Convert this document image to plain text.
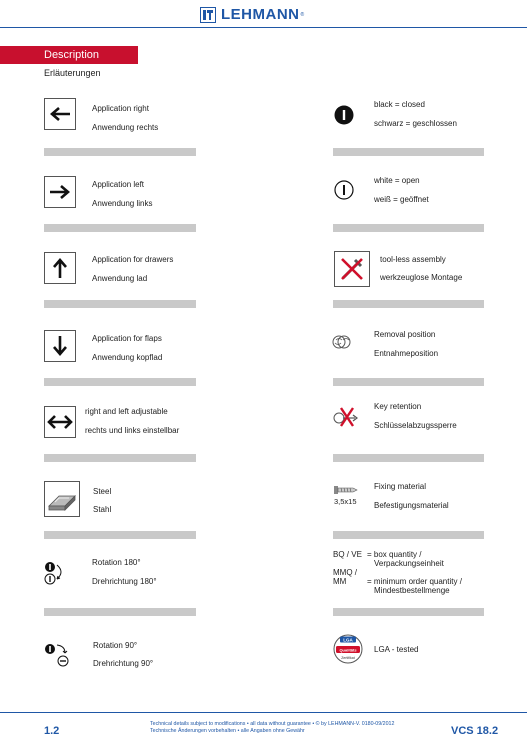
LEHMANN ®
Description
Erläuterungen
Application right
Anwendung rechts
Application left
Anwendung links
Application for drawers
Anwendung lad
Application for flaps
Anwendung kopflad
right and left adjustable
rechts und links einstellbar
Steel
Stahl
Rotation 180°
Drehrichtung 180°
Rotation 90°
Drehrichtung 90°
black = closed
schwarz = geschlossen
white = open
weiß = geöffnet
tool-less assembly
werkzeuglose Montage
Removal position
Entnahmeposition
Key retention
Schlüsselabzugssperre
3,5x15
Fixing material
Befestigungsmaterial
BQ / VE = box quantity /
Verpackungseinheit
MMQ /
MM	= minimum order quantity /
Mindestbestellmenge
LGA
Qualitäts
Zertifikat
LGA - tested
1.2
Technical details subject to modifications • all data without guarantee • © by LEHMANN-V. 0180-09/2012
Technische Änderungen vorbehalten • alle Angaben ohne Gewähr	VCS 18.2
